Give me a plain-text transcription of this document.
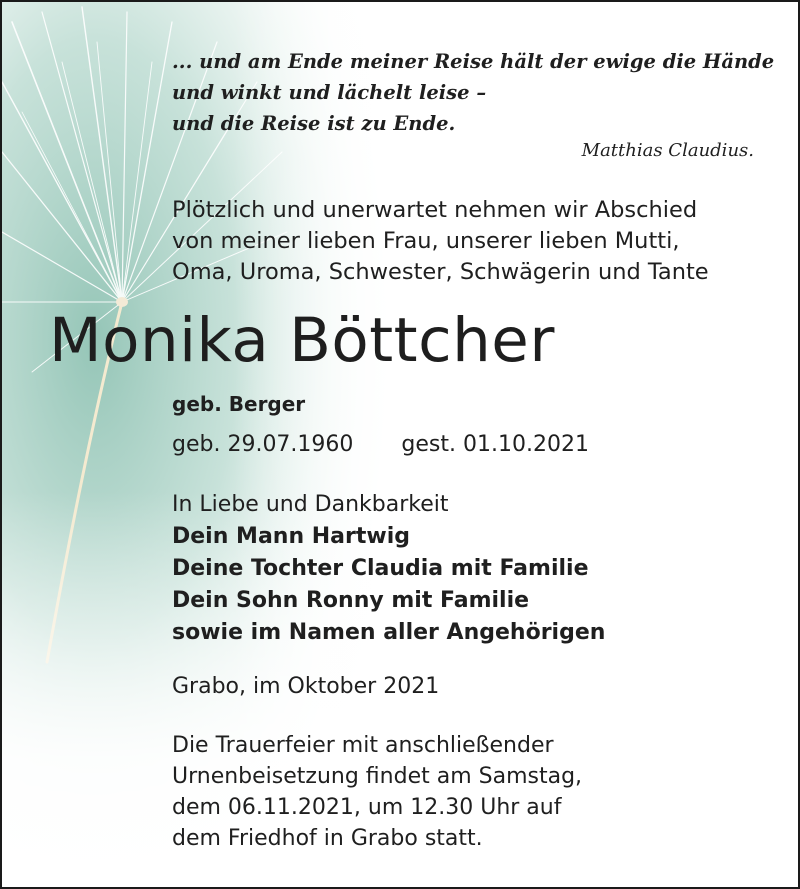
... und am Ende meiner Reise hält der ewige die Hände
und winkt und lächelt leise –
und die Reise ist zu Ende.
Matthias Claudius.
Plötzlich und unerwartet nehmen wir Abschied
von meiner lieben Frau, unserer lieben Mutti,
Oma, Uroma, Schwester, Schwägerin und Tante
Monika Böttcher
geb. Berger
geb. 29.07.1960 gest. 01.10.2021
In Liebe und Dankbarkeit
Dein Mann Hartwig
Deine Tochter Claudia mit Familie
Dein Sohn Ronny mit Familie
sowie im Namen aller Angehörigen
Grabo, im Oktober 2021
Die Trauerfeier mit anschließender
Urnenbeisetzung findet am Samstag,
dem 06.11.2021, um 12.30 Uhr auf
dem Friedhof in Grabo statt.
